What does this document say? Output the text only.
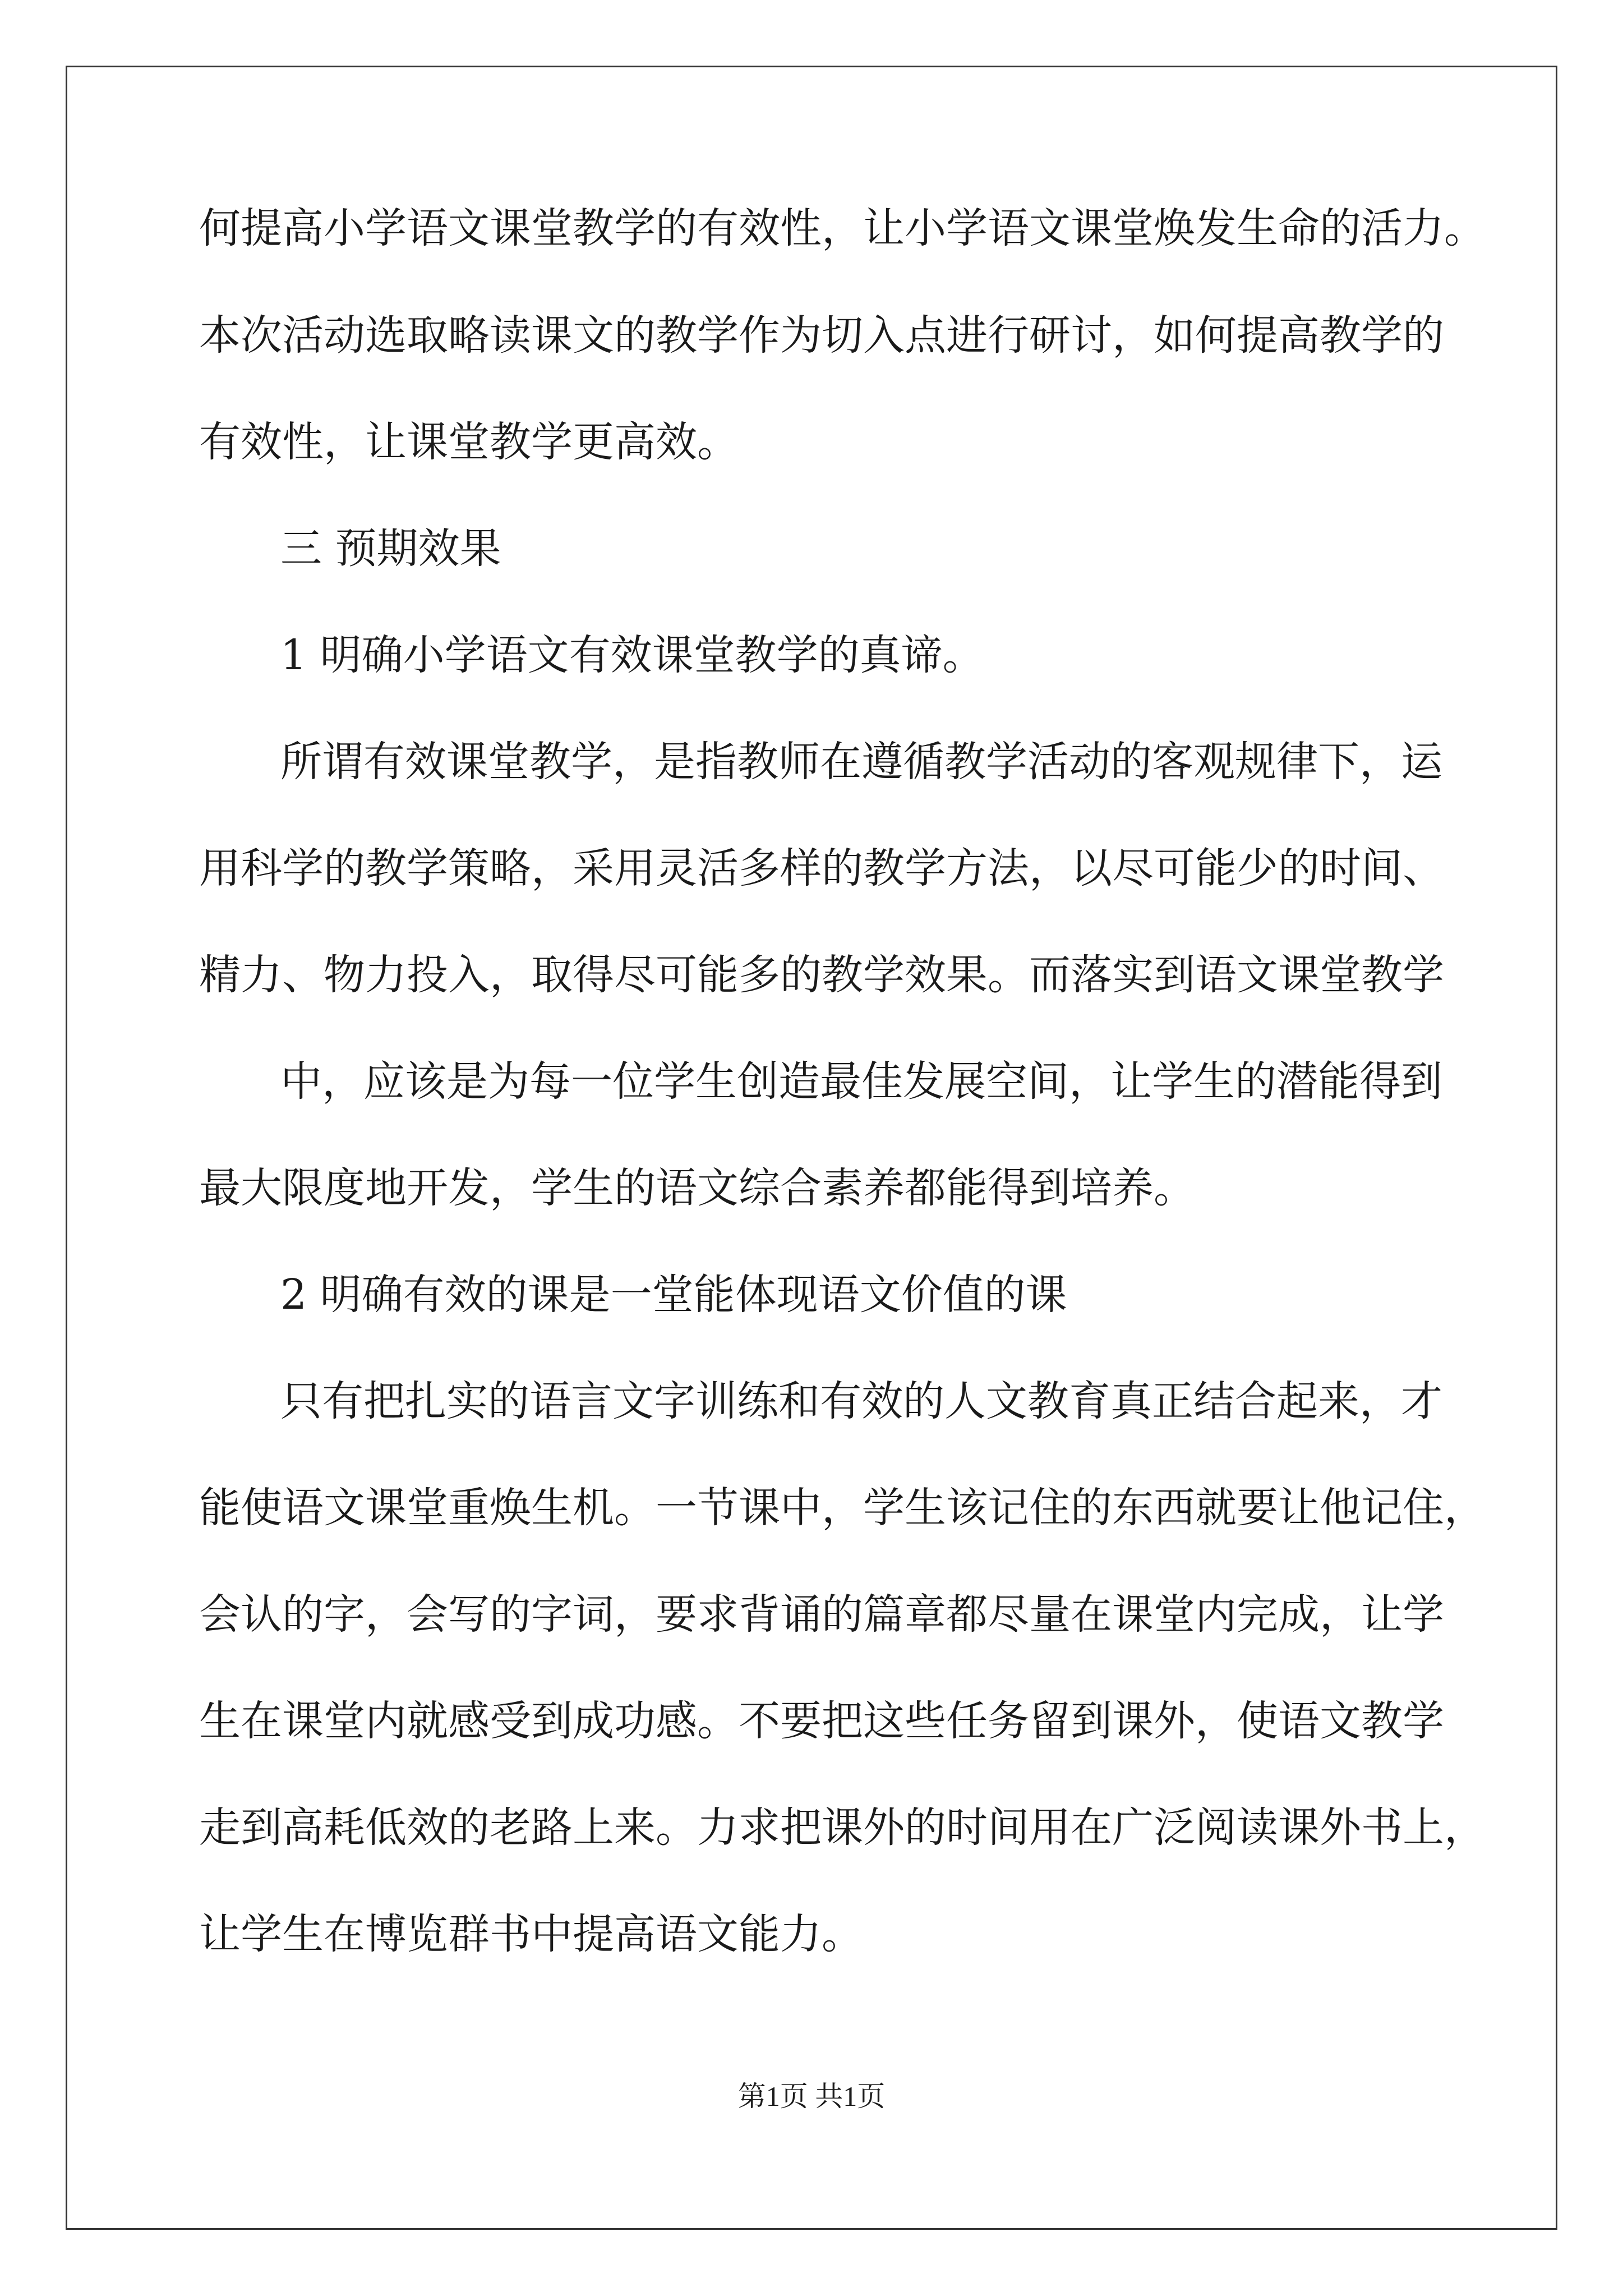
何提高小学语文课堂教学的有效性，让小学语文课堂焕发生命的活力。
本次活动选取略读课文的教学作为切入点进行研讨，如何提高教学的
有效性，让课堂教学更高效。
三 预期效果
1 明确小学语文有效课堂教学的真谛。
所谓有效课堂教学，是指教师在遵循教学活动的客观规律下，运
用科学的教学策略，采用灵活多样的教学方法，以尽可能少的时间、
精力、物力投入，取得尽可能多的教学效果。而落实到语文课堂教学
中，应该是为每一位学生创造最佳发展空间，让学生的潜能得到
最大限度地开发，学生的语文综合素养都能得到培养。
2 明确有效的课是一堂能体现语文价值的课
只有把扎实的语言文字训练和有效的人文教育真正结合起来，才
能使语文课堂重焕生机。一节课中，学生该记住的东西就要让他记住，
会认的字，会写的字词，要求背诵的篇章都尽量在课堂内完成，让学
生在课堂内就感受到成功感。不要把这些任务留到课外，使语文教学
走到高耗低效的老路上来。力求把课外的时间用在广泛阅读课外书上，
让学生在博览群书中提高语文能力。
第1页 共1页
